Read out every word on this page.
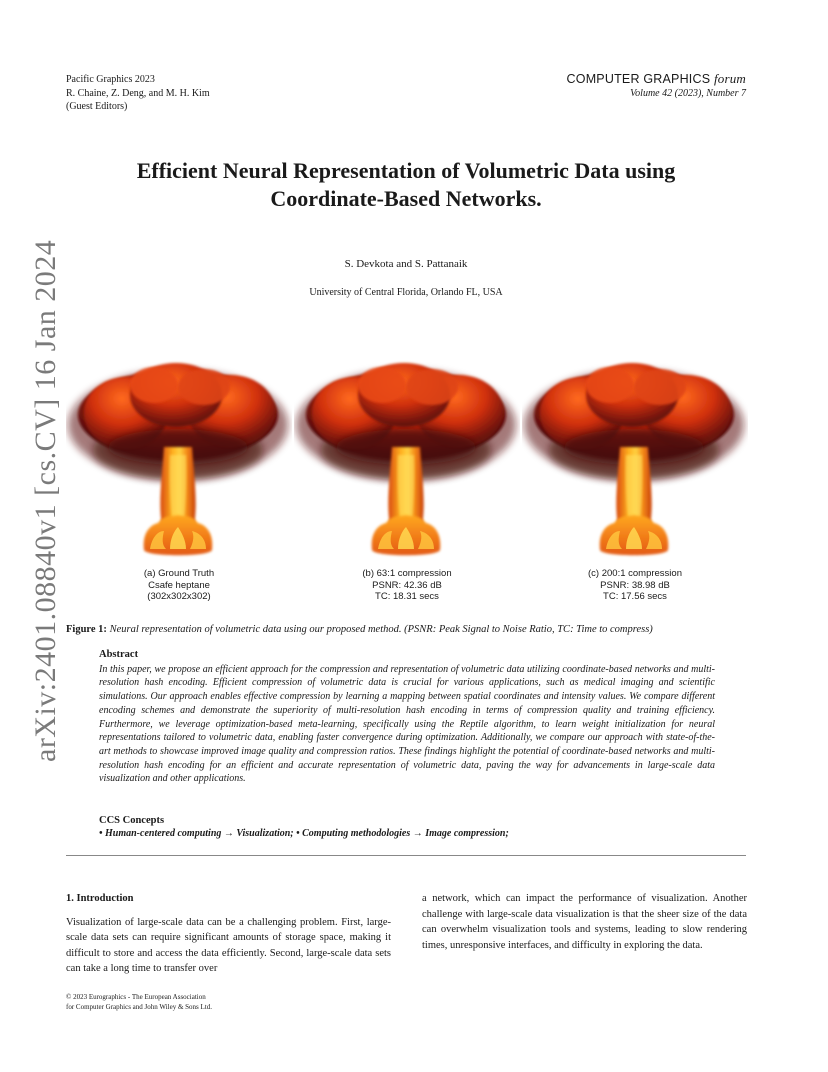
Pacific Graphics 2023
R. Chaine, Z. Deng, and M. H. Kim
(Guest Editors)
COMPUTER GRAPHICS forum
Volume 42 (2023), Number 7
arXiv:2401.08840v1 [cs.CV] 16 Jan 2024
Efficient Neural Representation of Volumetric Data using
Coordinate-Based Networks.
S. Devkota and S. Pattanaik
University of Central Florida, Orlando FL, USA
(a) Ground Truth
Csafe heptane
(302x302x302)
(b) 63:1 compression
PSNR: 42.36 dB
TC: 18.31 secs
(c) 200:1 compression
PSNR: 38.98 dB
TC: 17.56 secs
Figure 1: Neural representation of volumetric data using our proposed method. (PSNR: Peak Signal to Noise Ratio, TC: Time to compress)
Abstract

In this paper, we propose an efficient approach for the compression and representation of volumetric data utilizing coordinate-based networks and multi-resolution hash encoding. Efficient compression of volumetric data is crucial for various applications, such as medical imaging and scientific simulations. Our approach enables effective compression by learning a mapping between spatial coordinates and intensity values. We compare different encoding schemes and demonstrate the superiority of multi-resolution hash encoding in terms of compression quality and training efficiency. Furthermore, we leverage optimization-based meta-learning, specifically using the Reptile algorithm, to learn weight initialization for neural representations tailored to volumetric data, enabling faster convergence during optimization. Additionally, we compare our approach with state-of-the-art methods to showcase improved image quality and compression ratios. These findings highlight the potential of coordinate-based networks and multi-resolution hash encoding for an efficient and accurate representation of volumetric data, paving the way for advancements in large-scale data visualization and other applications.

CCS Concepts

• Human-centered computing → Visualization; • Computing methodologies → Image compression;

1. Introduction

Visualization of large-scale data can be a challenging problem. First, large-scale data sets can require significant amounts of storage space, making it difficult to store and access the data efficiently. Second, large-scale data sets can take a long time to transfer over

a network, which can impact the performance of visualization. Another challenge with large-scale data visualization is that the sheer size of the data can overwhelm visualization tools and systems, leading to slow rendering times, unresponsive interfaces, and difficulty in exploring the data.

© 2023 Eurographics - The European Association
for Computer Graphics and John Wiley & Sons Ltd.
